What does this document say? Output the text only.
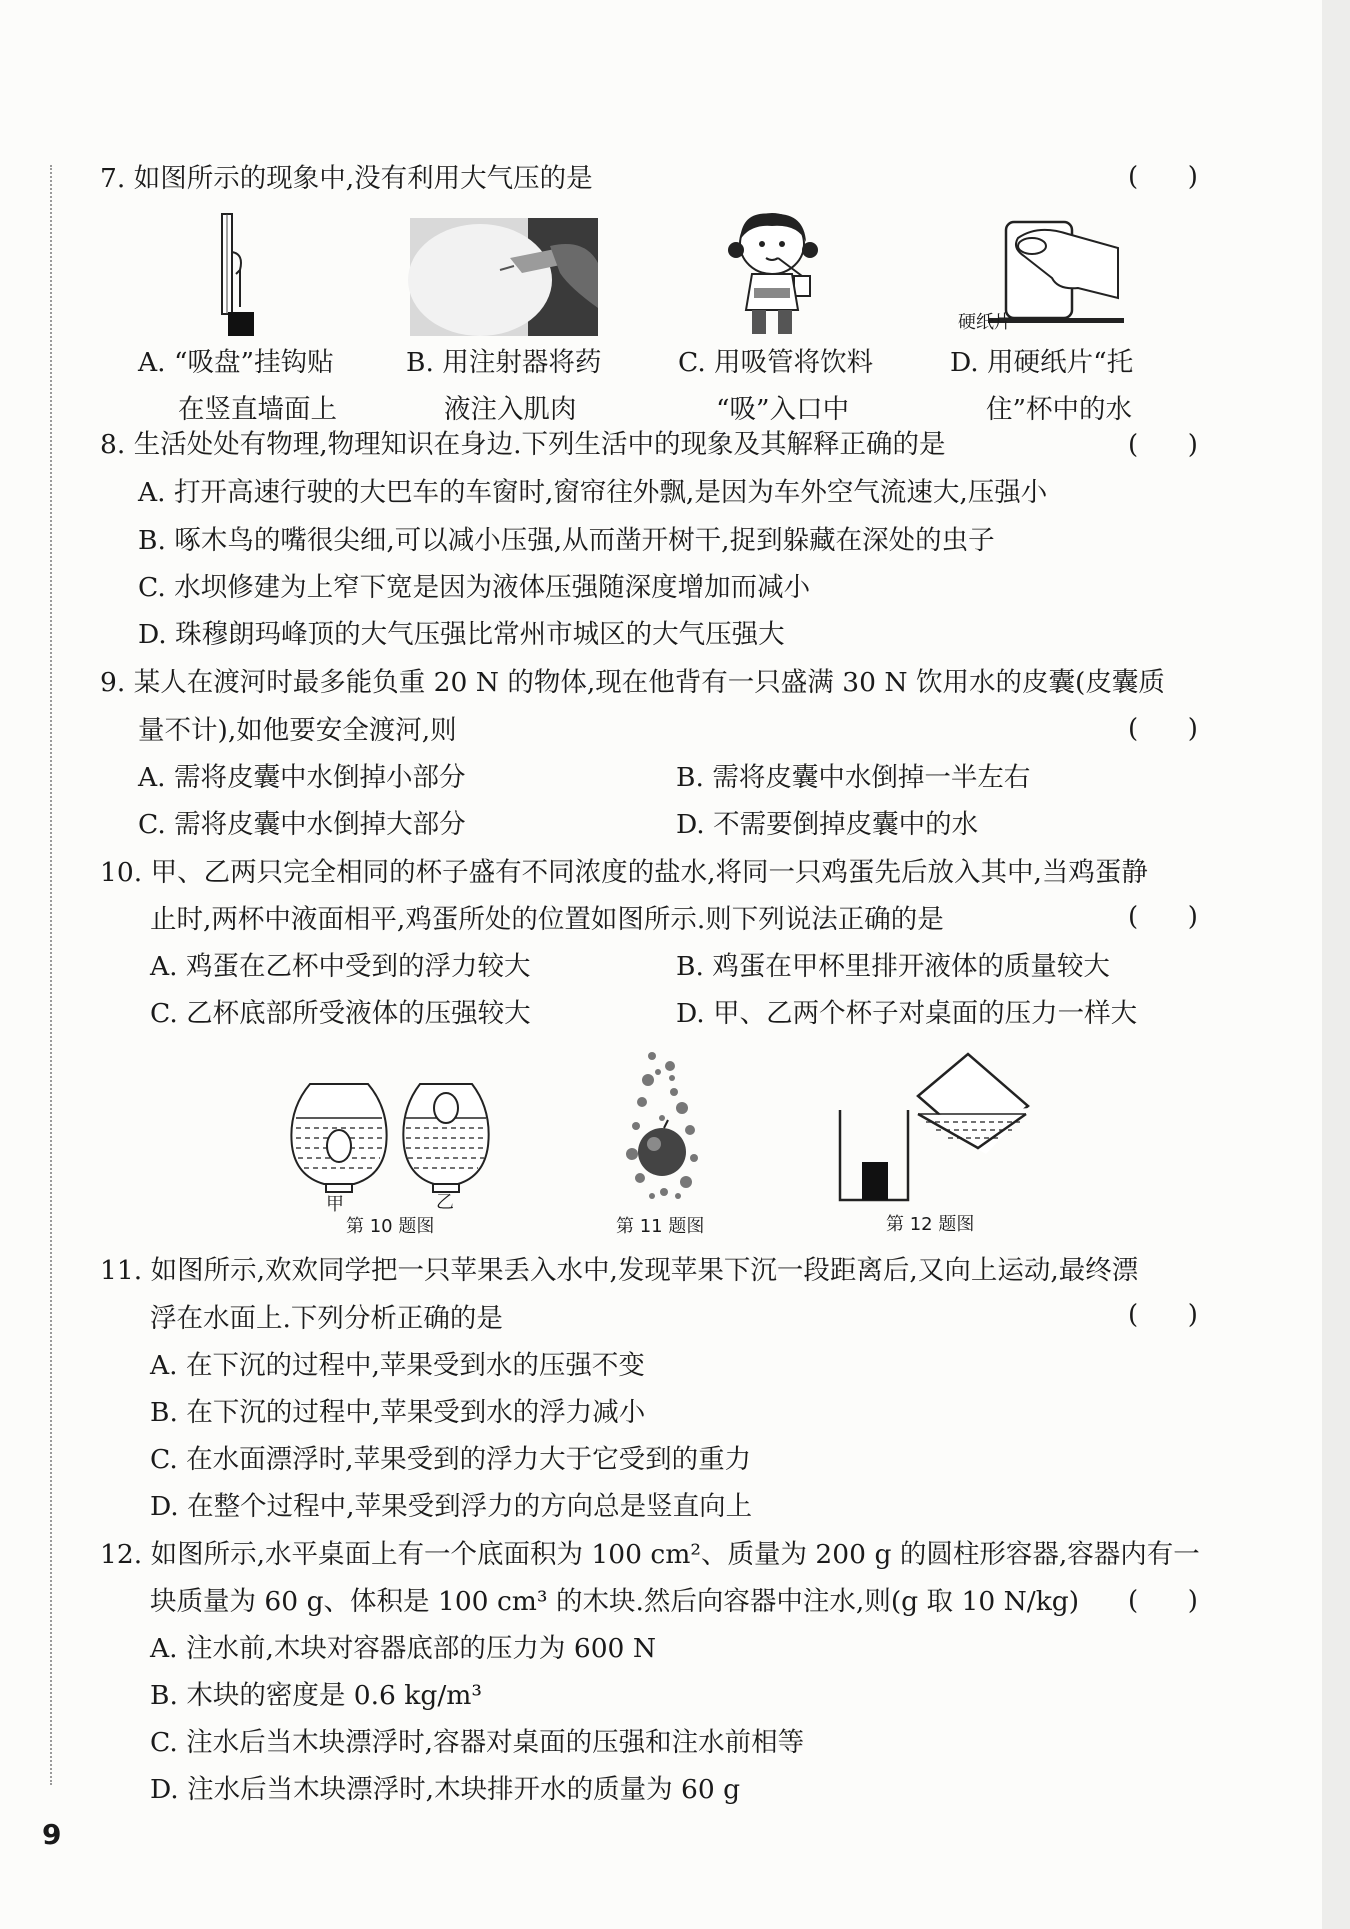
7. 如图所示的现象中,没有利用大气压的是	(      )
硬纸片
A. “吸盘”挂钩贴
在竖直墙面上
B. 用注射器将药
液注入肌肉
C. 用吸管将饮料
“吸”入口中
D. 用硬纸片“托
住”杯中的水
8. 生活处处有物理,物理知识在身边.下列生活中的现象及其解释正确的是	(      )
A. 打开高速行驶的大巴车的车窗时,窗帘往外飘,是因为车外空气流速大,压强小
B. 啄木鸟的嘴很尖细,可以减小压强,从而凿开树干,捉到躲藏在深处的虫子
C. 水坝修建为上窄下宽是因为液体压强随深度增加而减小
D. 珠穆朗玛峰顶的大气压强比常州市城区的大气压强大
9. 某人在渡河时最多能负重 20 N 的物体,现在他背有一只盛满 30 N 饮用水的皮囊(皮囊质
量不计),如他要安全渡河,则	(      )
A. 需将皮囊中水倒掉小部分	B. 需将皮囊中水倒掉一半左右
C. 需将皮囊中水倒掉大部分	D. 不需要倒掉皮囊中的水
10. 甲、乙两只完全相同的杯子盛有不同浓度的盐水,将同一只鸡蛋先后放入其中,当鸡蛋静
止时,两杯中液面相平,鸡蛋所处的位置如图所示.则下列说法正确的是	(      )
A. 鸡蛋在乙杯中受到的浮力较大	B. 鸡蛋在甲杯里排开液体的质量较大
C. 乙杯底部所受液体的压强较大	D. 甲、乙两个杯子对桌面的压力一样大
甲	乙
第 10 题图	第 11 题图	第 12 题图
11. 如图所示,欢欢同学把一只苹果丢入水中,发现苹果下沉一段距离后,又向上运动,最终漂
浮在水面上.下列分析正确的是	(      )
A. 在下沉的过程中,苹果受到水的压强不变
B. 在下沉的过程中,苹果受到水的浮力减小
C. 在水面漂浮时,苹果受到的浮力大于它受到的重力
D. 在整个过程中,苹果受到浮力的方向总是竖直向上
12. 如图所示,水平桌面上有一个底面积为 100 cm²、质量为 200 g 的圆柱形容器,容器内有一
块质量为 60 g、体积是 100 cm³ 的木块.然后向容器中注水,则(g 取 10 N/kg) (      )
A. 注水前,木块对容器底部的压力为 600 N
B. 木块的密度是 0.6 kg/m³
C. 注水后当木块漂浮时,容器对桌面的压强和注水前相等
D. 注水后当木块漂浮时,木块排开水的质量为 60 g
9
